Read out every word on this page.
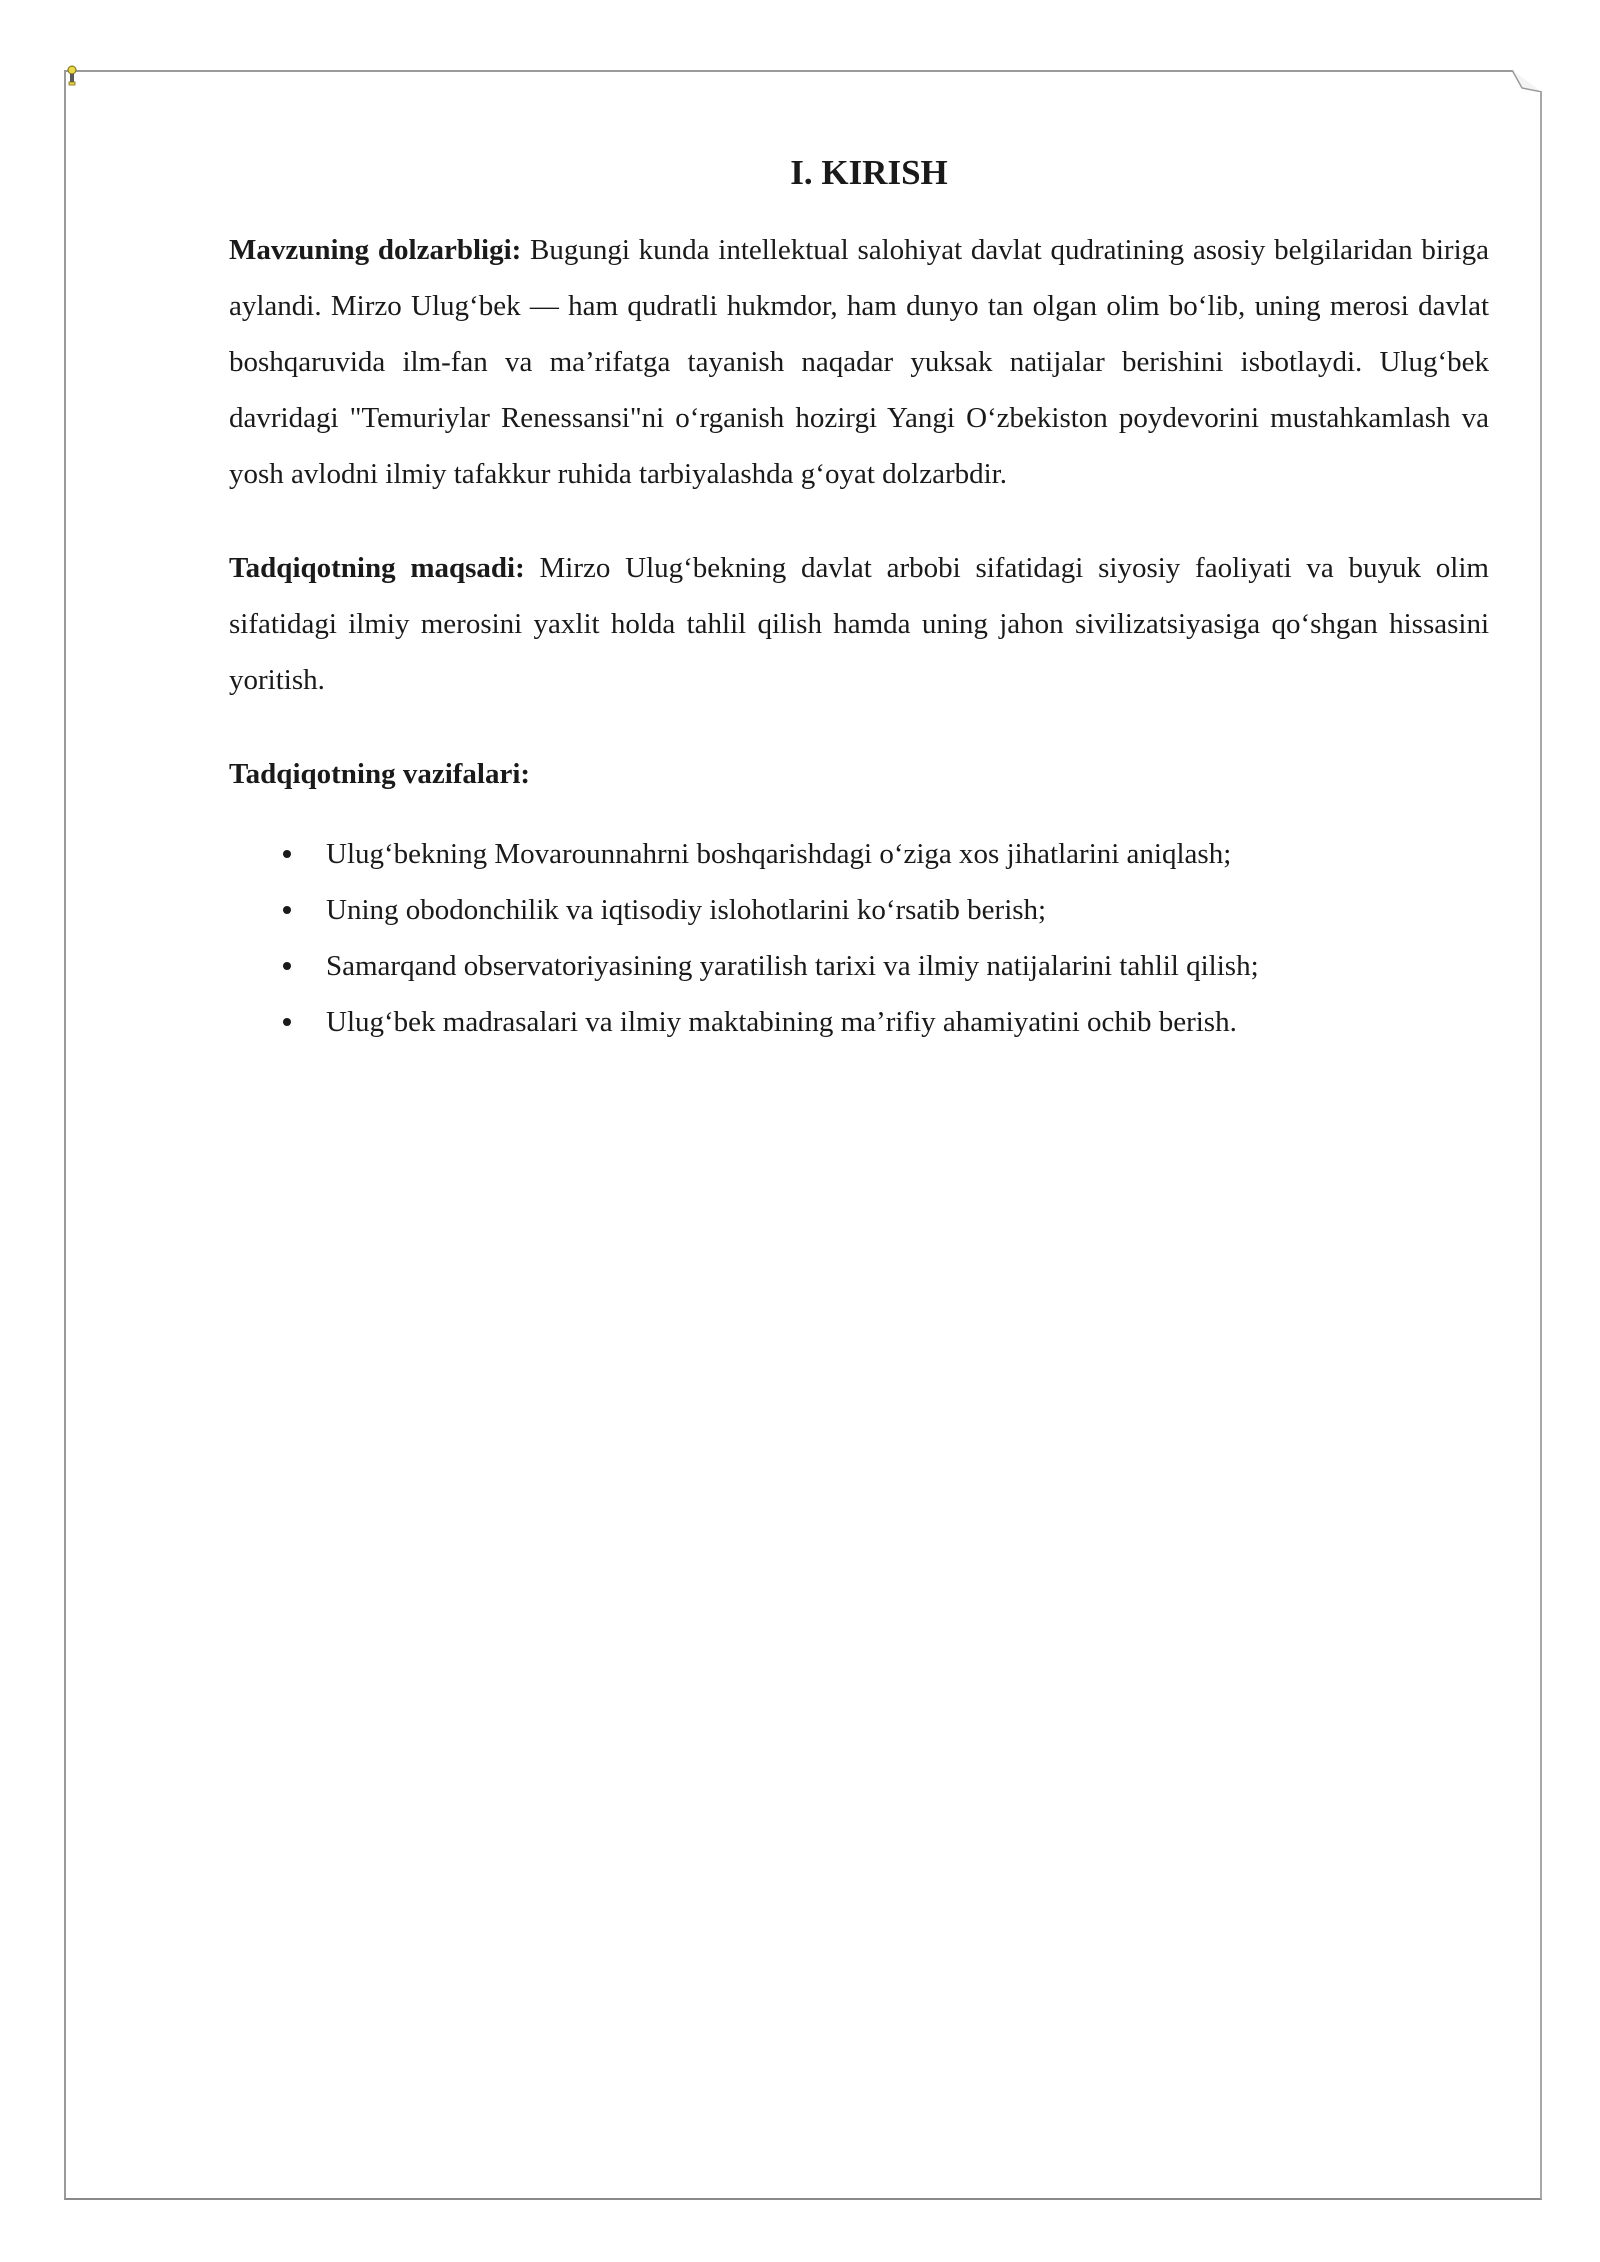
I. KIRISH

Mavzuning dolzarbligi: Bugungi kunda intellektual salohiyat davlat qudratining asosiy belgilaridan biriga aylandi. Mirzo Ulug‘bek — ham qudratli hukmdor, ham dunyo tan olgan olim bo‘lib, uning merosi davlat boshqaruvida ilm-fan va ma’rifatga tayanish naqadar yuksak natijalar berishini isbotlaydi. Ulug‘bek davridagi "Temuriylar Renessansi"ni o‘rganish hozirgi Yangi O‘zbekiston poydevorini mustahkamlash va yosh avlodni ilmiy tafakkur ruhida tarbiyalashda g‘oyat dolzarbdir.

Tadqiqotning maqsadi: Mirzo Ulug‘bekning davlat arbobi sifatidagi siyosiy faoliyati va buyuk olim sifatidagi ilmiy merosini yaxlit holda tahlil qilish hamda uning jahon sivilizatsiyasiga qo‘shgan hissasini yoritish.

Tadqiqotning vazifalari:
Ulug‘bekning Movarounnahrni boshqarishdagi o‘ziga xos jihatlarini aniqlash;
Uning obodonchilik va iqtisodiy islohotlarini ko‘rsatib berish;
Samarqand observatoriyasining yaratilish tarixi va ilmiy natijalarini tahlil qilish;
Ulug‘bek madrasalari va ilmiy maktabining ma’rifiy ahamiyatini ochib berish.
